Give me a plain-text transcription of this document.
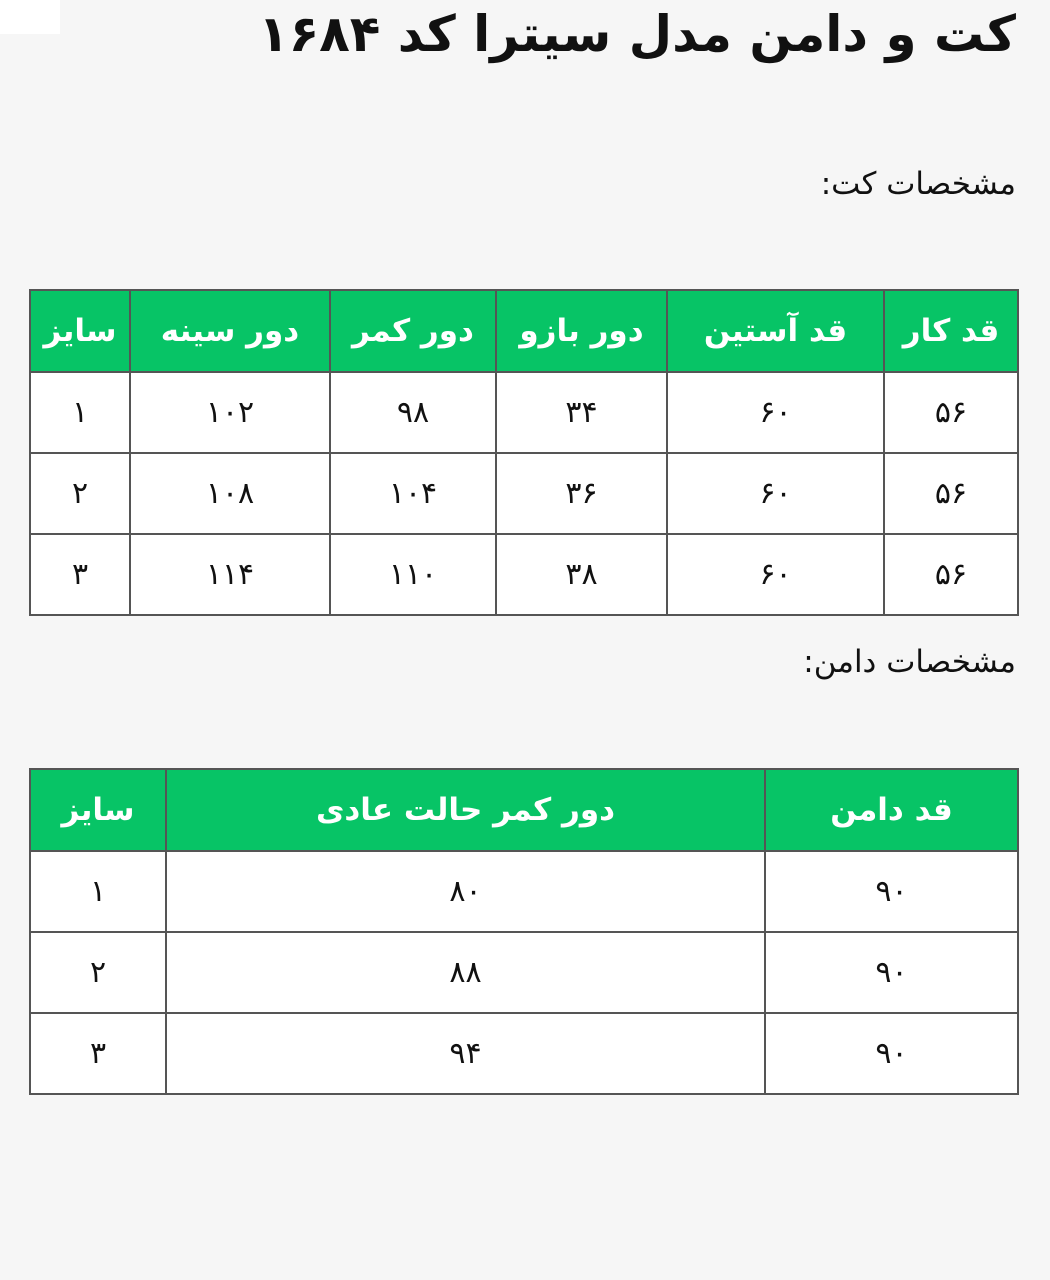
کت و دامن مدل سیترا کد ۱۶۸۴
مشخصات کت:
قد کار	قد آستین	دور بازو	دور کمر	دور سینه	سایز
۵۶	۶۰	۳۴	۹۸	۱۰۲	۱
۵۶	۶۰	۳۶	۱۰۴	۱۰۸	۲
۵۶	۶۰	۳۸	۱۱۰	۱۱۴	۳
مشخصات دامن:
قد دامن	دور کمر حالت عادی	سایز
۹۰	۸۰	۱
۹۰	۸۸	۲
۹۰	۹۴	۳
